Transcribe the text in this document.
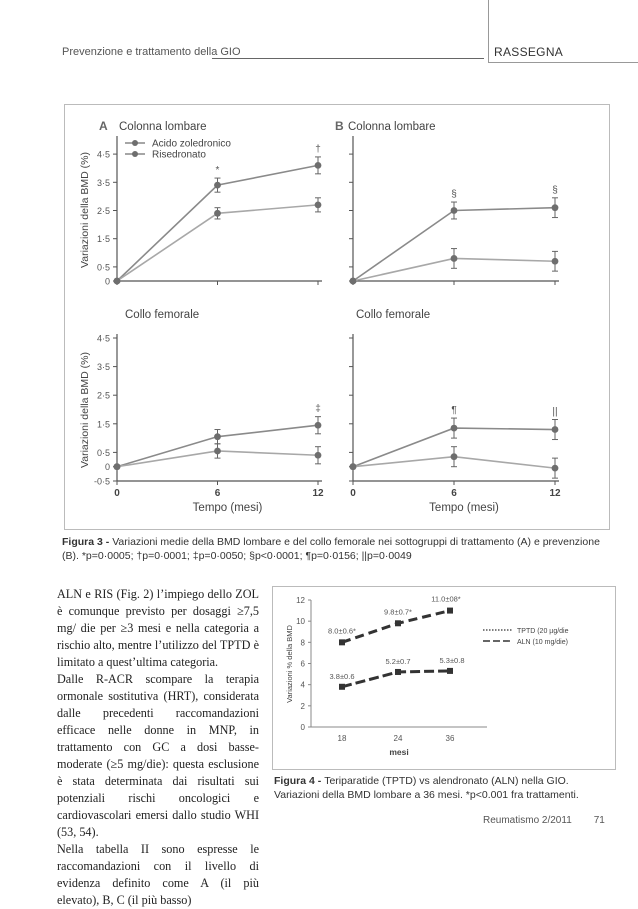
Prevenzione e trattamento della GIO	RASSEGNA
0
0·5
1·5
2·5
3·5
4·5
*
†
A Colonna lombare
§	§
B Colonna lombare
-0·5
0
0·5
1·5
2·5
3·5
4·5
0	6	12
‡
Collo femorale
Tempo (mesi)
0	6	12
¶	||
Collo femorale
Tempo (mesi)
Variazioni della BMD (%)
Variazioni della BMD (%)
Acido zoledronico
Risedronato
Figura 3 - Variazioni medie della BMD lombare e del collo femorale nei sottogruppi di trattamento (A) e prevenzione (B). *p=0·0005; †p=0·0001; ‡p=0·0050; §p<0·0001; ¶p=0·0156; ||p=0·0049

ALN e RIS (Fig. 2) l’impiego dello ZOL è comunque previsto per dosaggi ≥7,5 mg/ die per ≥3 mesi e nella categoria a rischio alto, mentre l’utilizzo del TPTD è limitato a quest’ultima categoria.

Dalle R-ACR scompare la terapia ormonale sostitutiva (HRT), considerata dalle precedenti raccomandazioni efficace nelle donne in MNP, in trattamento con GC a dosi basse-moderate (≥5 mg/die): questa esclusione è stata determinata dai risultati sui potenziali rischi oncologici e cardiovascolari emersi dallo studio WHI (53, 54).

Nella tabella II sono espresse le raccomandazioni con il livello di evidenza definito come A (il più elevato), B, C (il più basso)

0
2
4
6
8
10
12
18	24	36
mesi
Variazioni % della BMD	8.0±0.6*
9.8±0.7*
11.0±08*
3.8±0.6
5.2±0.7	5.3±0.8
TPTD (20 µg/die
ALN (10 mg/die)
Figura 4 - Teriparatide (TPTD) vs alendronato (ALN) nella GIO. Variazioni della BMD lombare a 36 mesi. *p<0.001 fra trattamenti.
Reumatismo 2/2011 71
